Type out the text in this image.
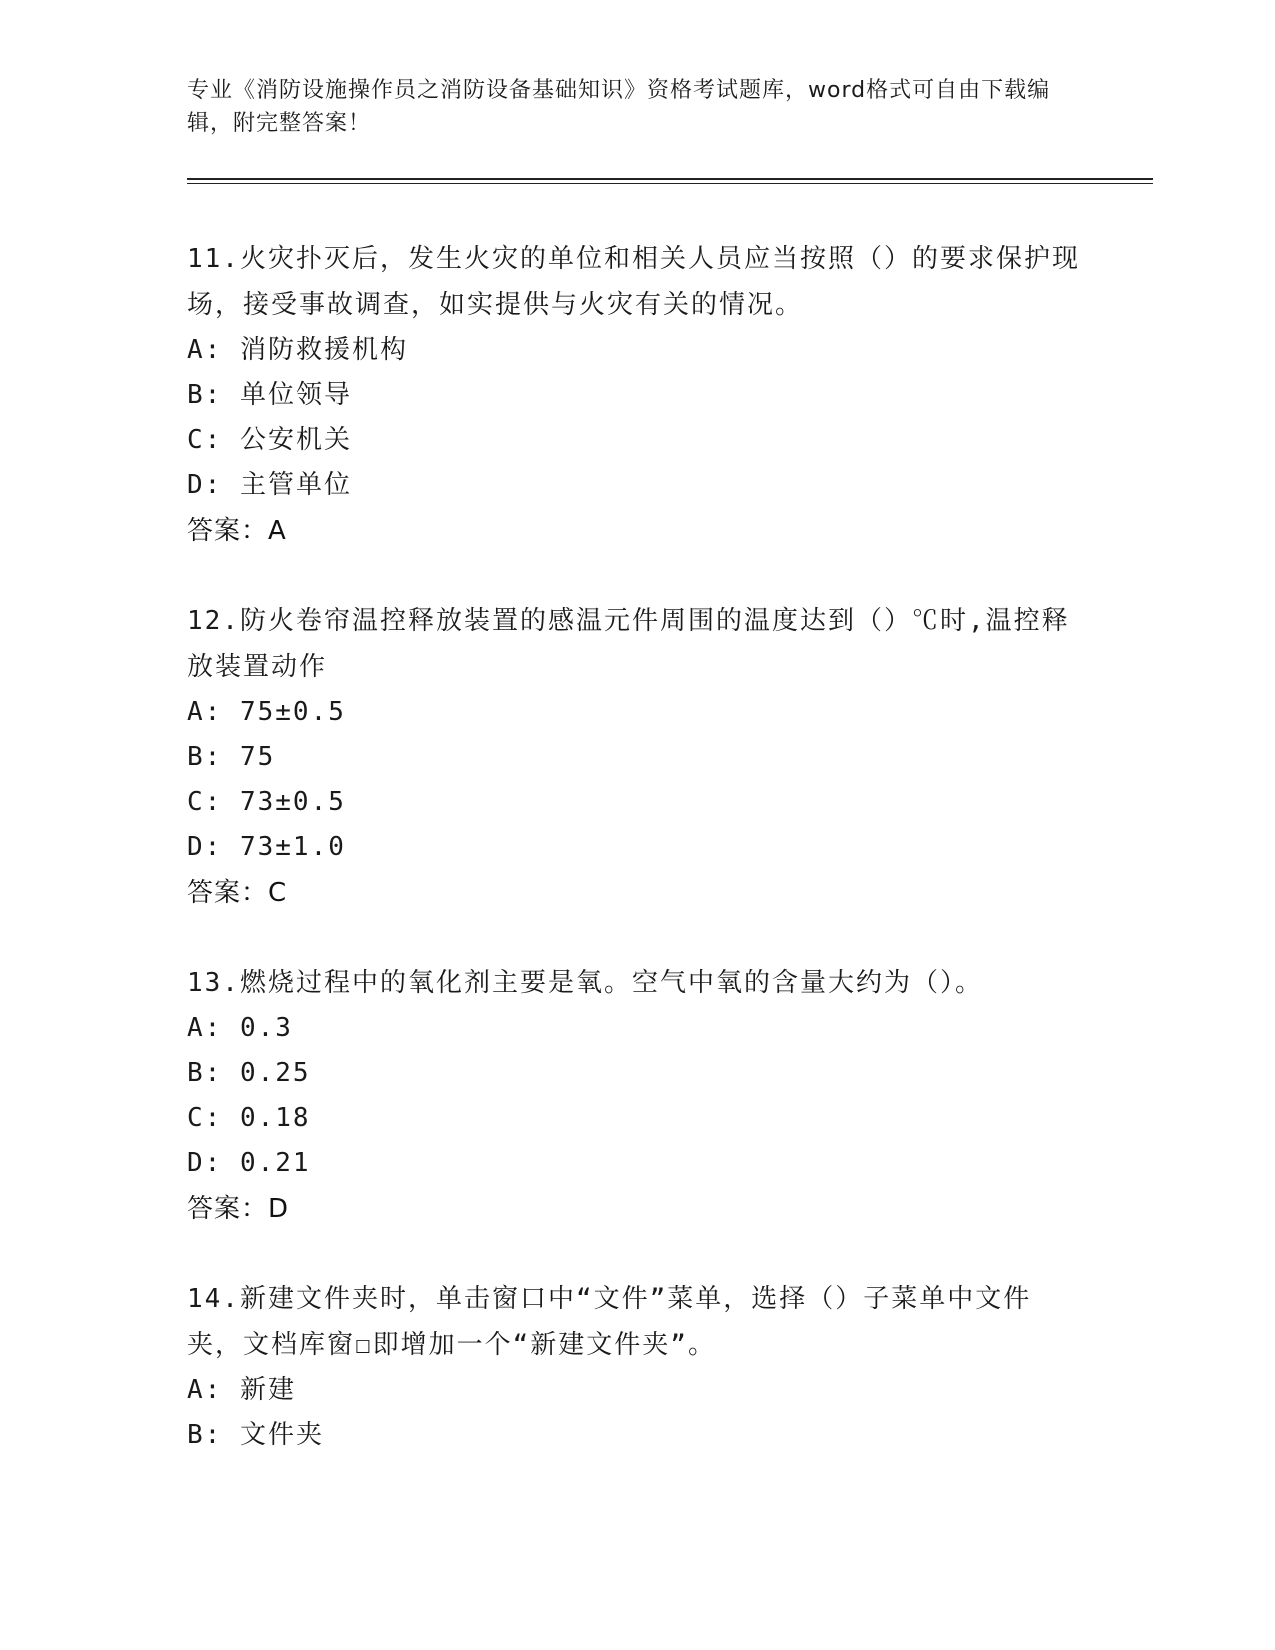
专业《消防设施操作员之消防设备基础知识》资格考试题库，word格式可自由下载编辑，附完整答案！

11.火灾扑灭后，发生火灾的单位和相关人员应当按照（）的要求保护现场，接受事故调查，如实提供与火灾有关的情况。

A: 消防救援机构

B: 单位领导

C: 公安机关

D: 主管单位

答案：A

12.防火卷帘温控释放装置的感温元件周围的温度达到（）℃时,温控释放装置动作

A: 75±0.5

B: 75

C: 73±0.5

D: 73±1.0

答案：C

13.燃烧过程中的氧化剂主要是氧。空气中氧的含量大约为（）。

A: 0.3

B: 0.25

C: 0.18

D: 0.21

答案：D

14.新建文件夹时，单击窗口中“文件”菜单，选择（）子菜单中文件夹，文档库窗☐即增加一个“新建文件夹”。

A: 新建

B: 文件夹
